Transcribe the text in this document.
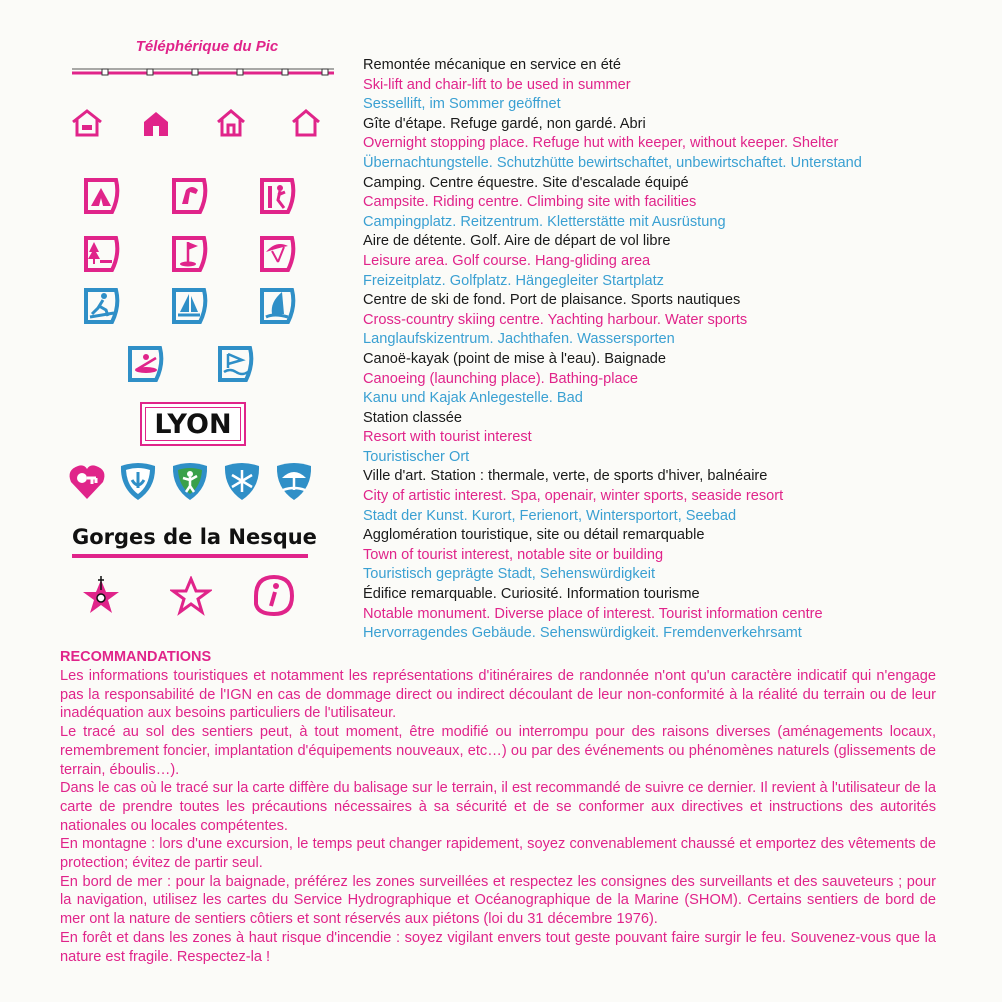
Téléphérique du Pic
LYON
Gorges de la Nesque
Remontée mécanique en service en été
Ski-lift and chair-lift to be used in summer
Sessellift, im Sommer geöffnet
Gîte d'étape. Refuge gardé, non gardé. Abri
Overnight stopping place. Refuge hut with keeper, without keeper. Shelter
Übernachtungstelle. Schutzhütte bewirtschaftet, unbewirtschaftet. Unterstand
Camping. Centre équestre. Site d'escalade équipé
Campsite. Riding centre. Climbing site with facilities
Campingplatz. Reitzentrum. Kletterstätte mit Ausrüstung
Aire de détente. Golf. Aire de départ de vol libre
Leisure area. Golf course. Hang-gliding area
Freizeitplatz. Golfplatz. Hängegleiter Startplatz
Centre de ski de fond. Port de plaisance. Sports nautiques
Cross-country skiing centre. Yachting harbour. Water sports
Langlaufskizentrum. Jachthafen. Wassersporten
Canoë-kayak (point de mise à l'eau). Baignade
Canoeing (launching place). Bathing-place
Kanu und Kajak Anlegestelle. Bad
Station classée
Resort with tourist interest
Touristischer Ort
Ville d'art. Station : thermale, verte, de sports d'hiver, balnéaire
City of artistic interest. Spa, openair, winter sports, seaside resort
Stadt der Kunst. Kurort, Ferienort, Wintersportort, Seebad
Agglomération touristique, site ou détail remarquable
Town of tourist interest, notable site or building
Touristisch geprägte Stadt, Sehenswürdigkeit
Édifice remarquable. Curiosité. Information tourisme
Notable monument. Diverse place of interest. Tourist information centre
Hervorragendes Gebäude. Sehenswürdigkeit. Fremdenverkehrsamt
RECOMMANDATIONS

Les informations touristiques et notamment les représentations d'itinéraires de randonnée n'ont qu'un caractère indicatif qui n'engage pas la responsabilité de l'IGN en cas de dommage direct ou indirect découlant de leur non-conformité à la réalité du terrain ou de leur inadéquation aux besoins particuliers de l'utilisateur.

Le tracé au sol des sentiers peut, à tout moment, être modifié ou interrompu pour des raisons diverses (aménagements locaux, remembrement foncier, implantation d'équipements nouveaux, etc…) ou par des événements ou phénomènes naturels (glissements de terrain, éboulis…).

Dans le cas où le tracé sur la carte diffère du balisage sur le terrain, il est recommandé de suivre ce dernier. Il revient à l'utilisateur de la carte de prendre toutes les précautions nécessaires à sa sécurité et de se conformer aux directives et instructions des autorités nationales ou locales compétentes.

En montagne : lors d'une excursion, le temps peut changer rapidement, soyez convenablement chaussé et emportez des vêtements de protection; évitez de partir seul.

En bord de mer : pour la baignade, préférez les zones surveillées et respectez les consignes des surveillants et des sauveteurs ; pour la navigation, utilisez les cartes du Service Hydrographique et Océanographique de la Marine (SHOM). Certains sentiers de bord de mer ont la nature de sentiers côtiers et sont réservés aux piétons (loi du 31 décembre 1976).

En forêt et dans les zones à haut risque d'incendie : soyez vigilant envers tout geste pouvant faire surgir le feu. Souvenez-vous que la nature est fragile. Respectez-la !
